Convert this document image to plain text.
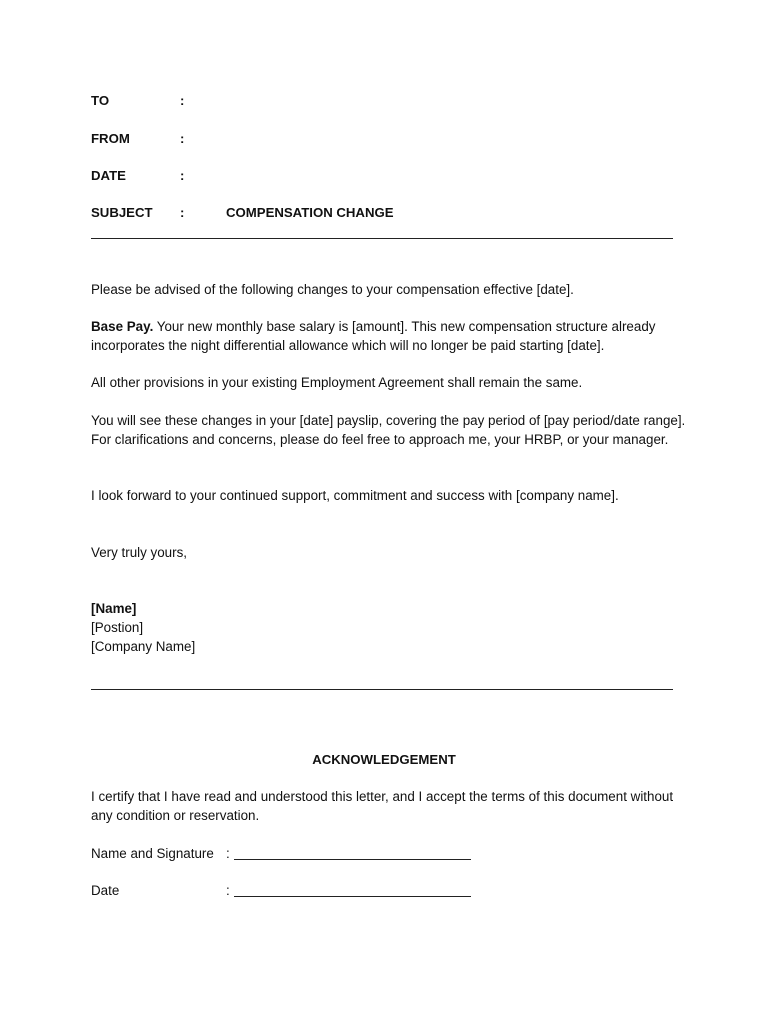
TO	:
FROM	:
DATE	:
SUBJECT :	COMPENSATION CHANGE

Please be advised of the following changes to your compensation effective [date].

Base Pay. Your new monthly base salary is [amount]. This new compensation structure already incorporates the night differential allowance which will no longer be paid starting [date].

All other provisions in your existing Employment Agreement shall remain the same.

You will see these changes in your [date] payslip, covering the pay period of [pay period/date range]. For clarifications and concerns, please do feel free to approach me, your HRBP, or your manager.

I look forward to your continued support, commitment and success with [company name].

Very truly yours,

[Name]

[Postion]

[Company Name]

ACKNOWLEDGEMENT

I certify that I have read and understood this letter, and I accept the terms of this document without any condition or reservation.

Name and Signature :
Date	:
